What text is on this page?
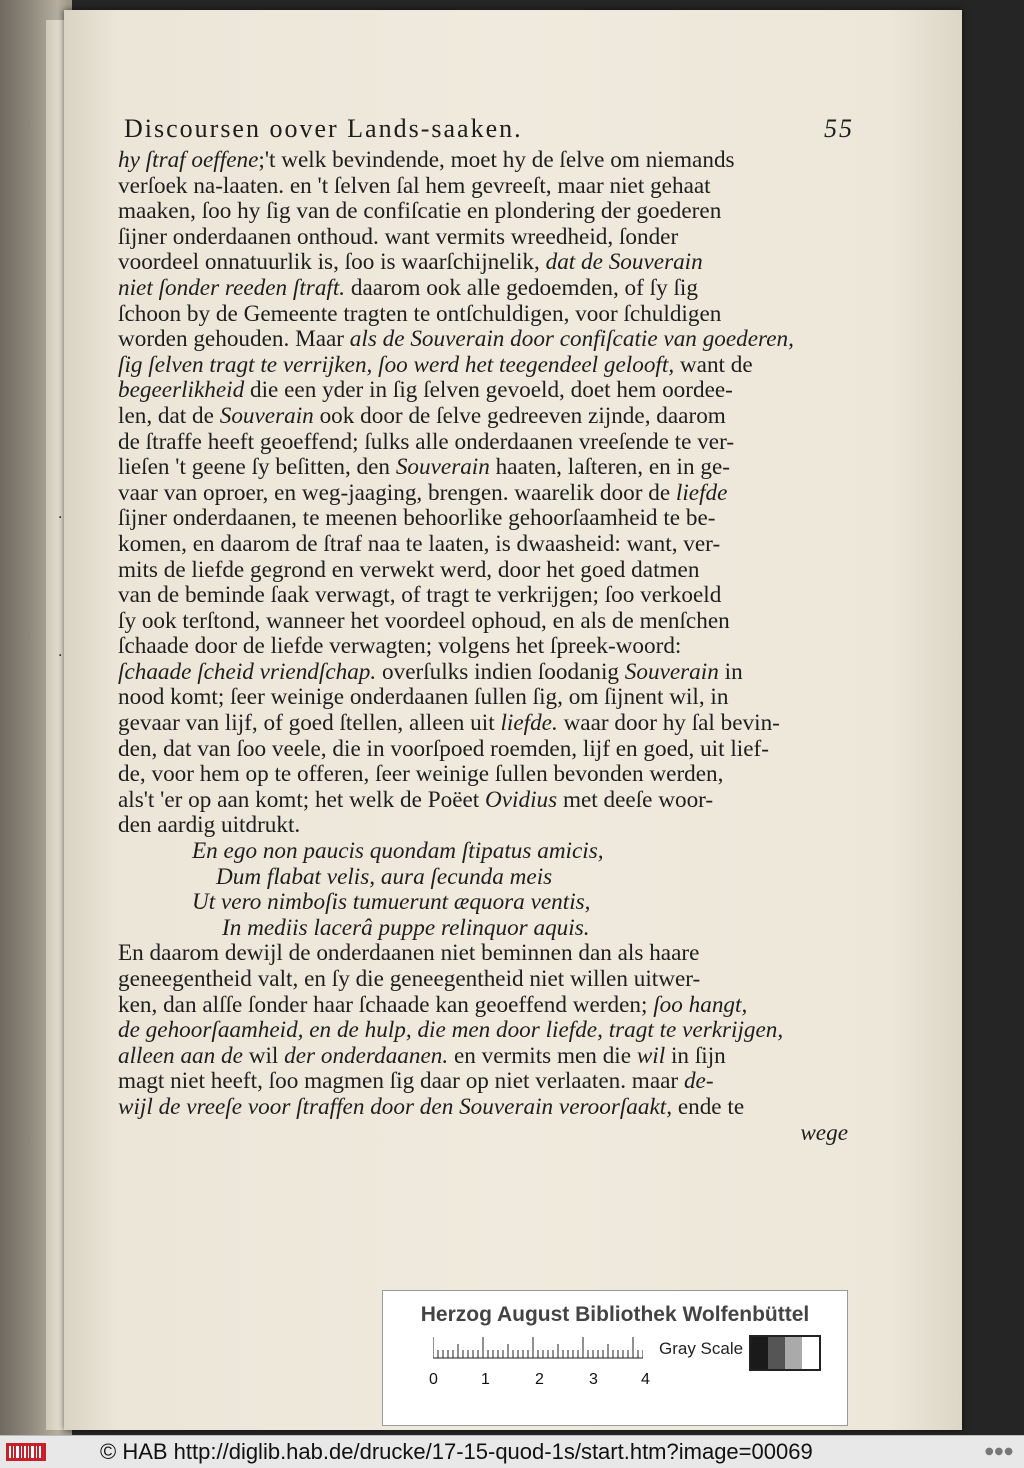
·
·
Discoursen oover Lands-saaken.	55
hy ſtraf oeffene;'t welk bevindende, moet hy de ſelve om niemands
verſoek na-laaten. en 't ſelven ſal hem gevreeſt, maar niet gehaat
maaken, ſoo hy ſig van de confiſcatie en plondering der goederen
ſijner onderdaanen onthoud. want vermits wreedheid, ſonder
voordeel onnatuurlik is, ſoo is waarſchijnelik, dat de Souverain
niet ſonder reeden ſtraft. daarom ook alle gedoemden, of ſy ſig
ſchoon by de Gemeente tragten te ontſchuldigen, voor ſchuldigen
worden gehouden. Maar als de Souverain door confiſcatie van goederen,
ſig ſelven tragt te verrijken, ſoo werd het teegendeel gelooft, want de
begeerlikheid die een yder in ſig ſelven gevoeld, doet hem oordee-
len, dat de Souverain ook door de ſelve gedreeven zijnde, daarom
de ſtraffe heeft geoeffend; ſulks alle onderdaanen vreeſende te ver-
lieſen 't geene ſy beſitten, den Souverain haaten, laſteren, en in ge-
vaar van oproer, en weg-jaaging, brengen. waarelik door de liefde
ſijner onderdaanen, te meenen behoorlike gehoorſaamheid te be-
komen, en daarom de ſtraf naa te laaten, is dwaasheid: want, ver-
mits de liefde gegrond en verwekt werd, door het goed datmen
van de beminde ſaak verwagt, of tragt te verkrijgen; ſoo verkoeld
ſy ook terſtond, wanneer het voordeel ophoud, en als de menſchen
ſchaade door de liefde verwagten; volgens het ſpreek-woord:
ſchaade ſcheid vriendſchap. overſulks indien ſoodanig Souverain in
nood komt; ſeer weinige onderdaanen ſullen ſig, om ſijnent wil, in
gevaar van lijf, of goed ſtellen, alleen uit liefde. waar door hy ſal bevin-
den, dat van ſoo veele, die in voorſpoed roemden, lijf en goed, uit lief-
de, voor hem op te offeren, ſeer weinige ſullen bevonden werden,
als't 'er op aan komt; het welk de Poëet Ovidius met deeſe woor-
den aardig uitdrukt.
En ego non paucis quondam ſtipatus amicis,
Dum flabat velis, aura ſecunda meis
Ut vero nimboſis tumuerunt æquora ventis,
In mediis lacerâ puppe relinquor aquis.
En daarom dewijl de onderdaanen niet beminnen dan als haare
geneegentheid valt, en ſy die geneegentheid niet willen uitwer-
ken, dan alſſe ſonder haar ſchaade kan geoeffend werden; ſoo hangt,
de gehoorſaamheid, en de hulp, die men door liefde, tragt te verkrijgen,
alleen aan de wil der onderdaanen. en vermits men die wil in ſijn
magt niet heeft, ſoo magmen ſig daar op niet verlaaten. maar de-
wijl de vreeſe voor ſtraffen door den Souverain veroorſaakt, ende te
wege
Herzog August Bibliothek Wolfenbüttel
0	1	2	3	4
Gray Scale
© HAB http://diglib.hab.de/drucke/17-15-quod-1s/start.htm?image=00069	●●●
